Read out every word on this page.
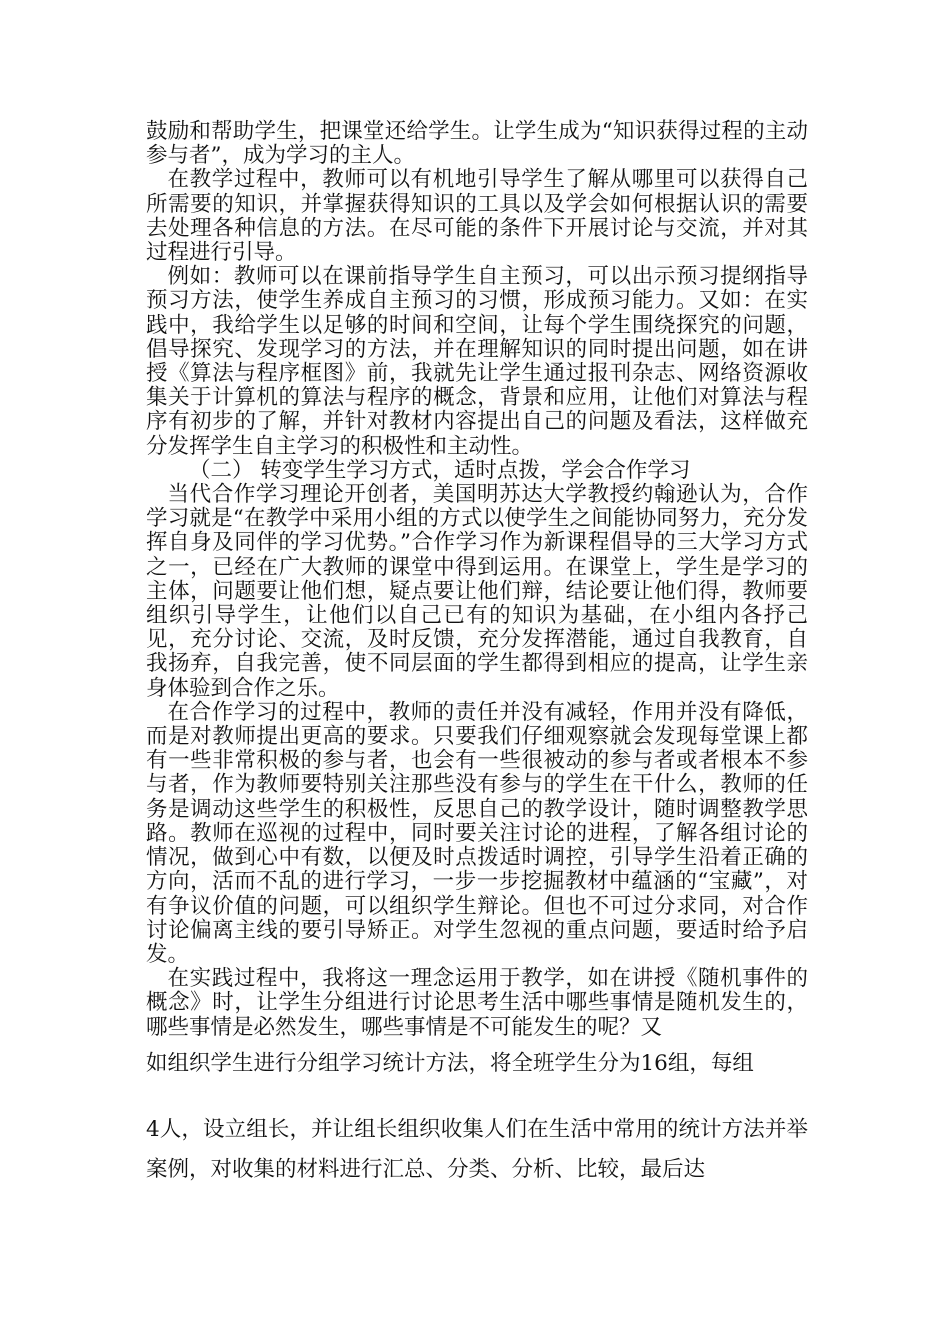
鼓励和帮助学生，把课堂还给学生。让学生成为“知识获得过程的主动参与者”，成为学习的主人。

在教学过程中，教师可以有机地引导学生了解从哪里可以获得自己所需要的知识，并掌握获得知识的工具以及学会如何根据认识的需要去处理各种信息的方法。在尽可能的条件下开展讨论与交流，并对其过程进行引导。

例如：教师可以在课前指导学生自主预习，可以出示预习提纲指导预习方法，使学生养成自主预习的习惯，形成预习能力。又如：在实践中，我给学生以足够的时间和空间，让每个学生围绕探究的问题，倡导探究、发现学习的方法，并在理解知识的同时提出问题，如在讲授《算法与程序框图》前，我就先让学生通过报刊杂志、网络资源收集关于计算机的算法与程序的概念，背景和应用，让他们对算法与程序有初步的了解，并针对教材内容提出自己的问题及看法，这样做充分发挥学生自主学习的积极性和主动性。

（二） 转变学生学习方式，适时点拨，学会合作学习

当代合作学习理论开创者，美国明苏达大学教授约翰逊认为，合作学习就是“在教学中采用小组的方式以使学生之间能协同努力，充分发挥自身及同伴的学习优势。”合作学习作为新课程倡导的三大学习方式之一，已经在广大教师的课堂中得到运用。在课堂上，学生是学习的主体，问题要让他们想，疑点要让他们辩，结论要让他们得，教师要组织引导学生，让他们以自己已有的知识为基础，在小组内各抒己见，充分讨论、交流，及时反馈，充分发挥潜能，通过自我教育，自我扬弃，自我完善，使不同层面的学生都得到相应的提高，让学生亲身体验到合作之乐。

在合作学习的过程中，教师的责任并没有减轻，作用并没有降低，而是对教师提出更高的要求。只要我们仔细观察就会发现每堂课上都有一些非常积极的参与者，也会有一些很被动的参与者或者根本不参与者，作为教师要特别关注那些没有参与的学生在干什么，教师的任务是调动这些学生的积极性，反思自己的教学设计，随时调整教学思路。教师在巡视的过程中，同时要关注讨论的进程，了解各组讨论的情况，做到心中有数，以便及时点拨适时调控，引导学生沿着正确的方向，活而不乱的进行学习，一步一步挖掘教材中蕴涵的“宝藏”，对有争议价值的问题，可以组织学生辩论。但也不可过分求同，对合作讨论偏离主线的要引导矫正。对学生忽视的重点问题，要适时给予启发。

在实践过程中，我将这一理念运用于教学，如在讲授《随机事件的概念》时，让学生分组进行讨论思考生活中哪些事情是随机发生的，哪些事情是必然发生，哪些事情是不可能发生的呢？又

如组织学生进行分组学习统计方法，将全班学生分为16组，每组

4人，设立组长，并让组长组织收集人们在生活中常用的统计方法并举案例，对收集的材料进行汇总、分类、分析、比较，最后达
